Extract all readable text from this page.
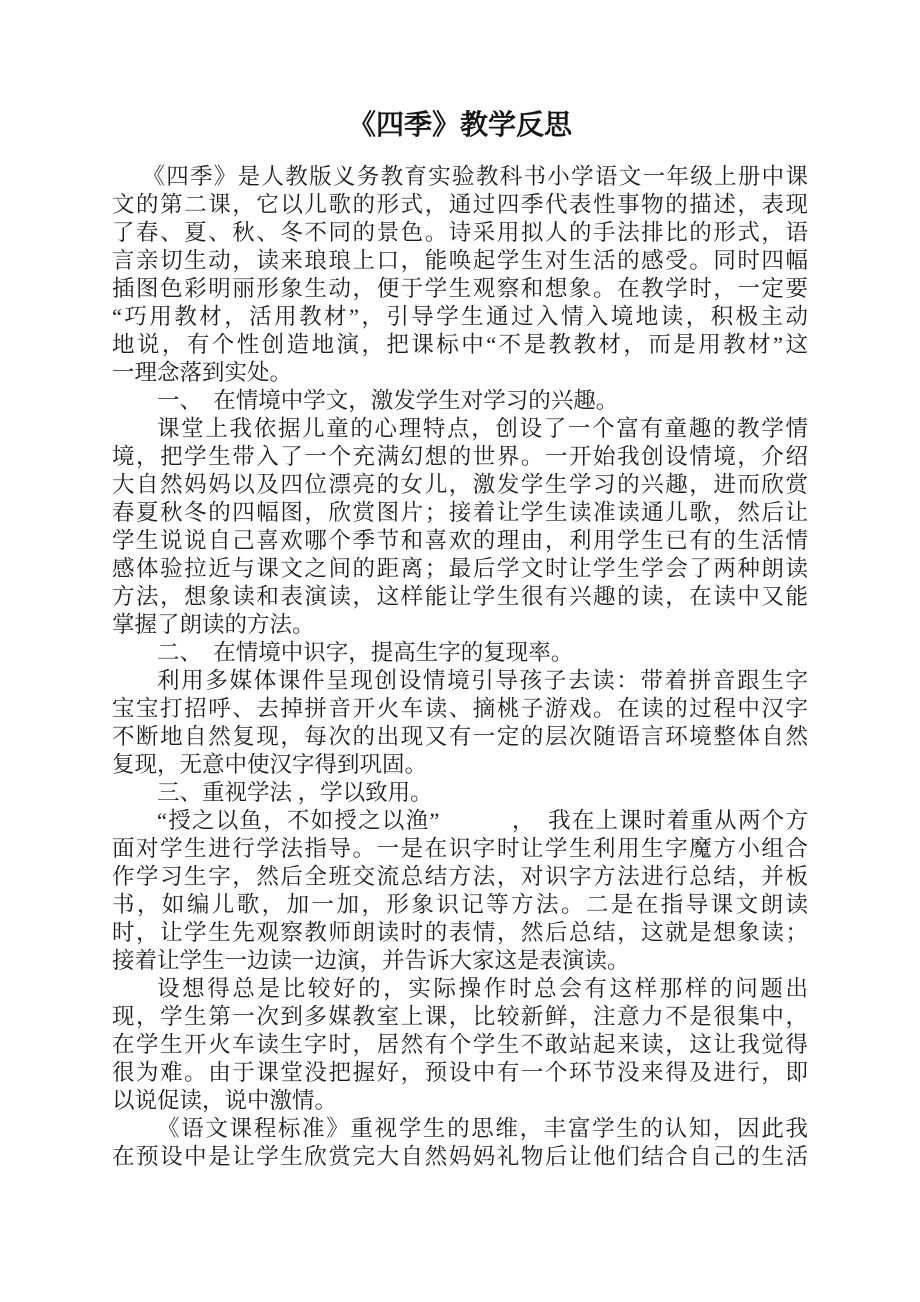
《四季》教学反思
《四季》是人教版义务教育实验教科书小学语文一年级上册中课
文的第二课，它以儿歌的形式，通过四季代表性事物的描述，表现
了春、夏、秋、冬不同的景色。诗采用拟人的手法排比的形式，语
言亲切生动，读来琅琅上口，能唤起学生对生活的感受。同时四幅
插图色彩明丽形象生动，便于学生观察和想象。在教学时，一定要
“巧用教材，活用教材”，引导学生通过入情入境地读，积极主动
地说，有个性创造地演，把课标中“不是教教材，而是用教材”这
一理念落到实处。
一、　在情境中学文，激发学生对学习的兴趣。
课堂上我依据儿童的心理特点，创设了一个富有童趣的教学情
境，把学生带入了一个充满幻想的世界。一开始我创设情境，介绍
大自然妈妈以及四位漂亮的女儿，激发学生学习的兴趣，进而欣赏
春夏秋冬的四幅图，欣赏图片；接着让学生读准读通儿歌，然后让
学生说说自己喜欢哪个季节和喜欢的理由，利用学生已有的生活情
感体验拉近与课文之间的距离；最后学文时让学生学会了两种朗读
方法，想象读和表演读，这样能让学生很有兴趣的读，在读中又能
掌握了朗读的方法。
二、　在情境中识字，提高生字的复现率。
利用多媒体课件呈现创设情境引导孩子去读：带着拼音跟生字
宝宝打招呼、去掉拼音开火车读、摘桃子游戏。在读的过程中汉字
不断地自然复现，每次的出现又有一定的层次随语言环境整体自然
复现，无意中使汉字得到巩固。
三、重视学法 ，学以致用。
“授之以鱼，不如授之以渔”　　　，　我在上课时着重从两个方
面对学生进行学法指导。一是在识字时让学生利用生字魔方小组合
作学习生字，然后全班交流总结方法，对识字方法进行总结，并板
书，如编儿歌，加一加，形象识记等方法。二是在指导课文朗读
时，让学生先观察教师朗读时的表情，然后总结，这就是想象读；
接着让学生一边读一边演，并告诉大家这是表演读。
设想得总是比较好的，实际操作时总会有这样那样的问题出
现，学生第一次到多媒教室上课，比较新鲜，注意力不是很集中，
在学生开火车读生字时，居然有个学生不敢站起来读，这让我觉得
很为难。由于课堂没把握好，预设中有一个环节没来得及进行，即
以说促读，说中激情。
《语文课程标准》重视学生的思维，丰富学生的认知，因此我
在预设中是让学生欣赏完大自然妈妈礼物后让他们结合自己的生活
